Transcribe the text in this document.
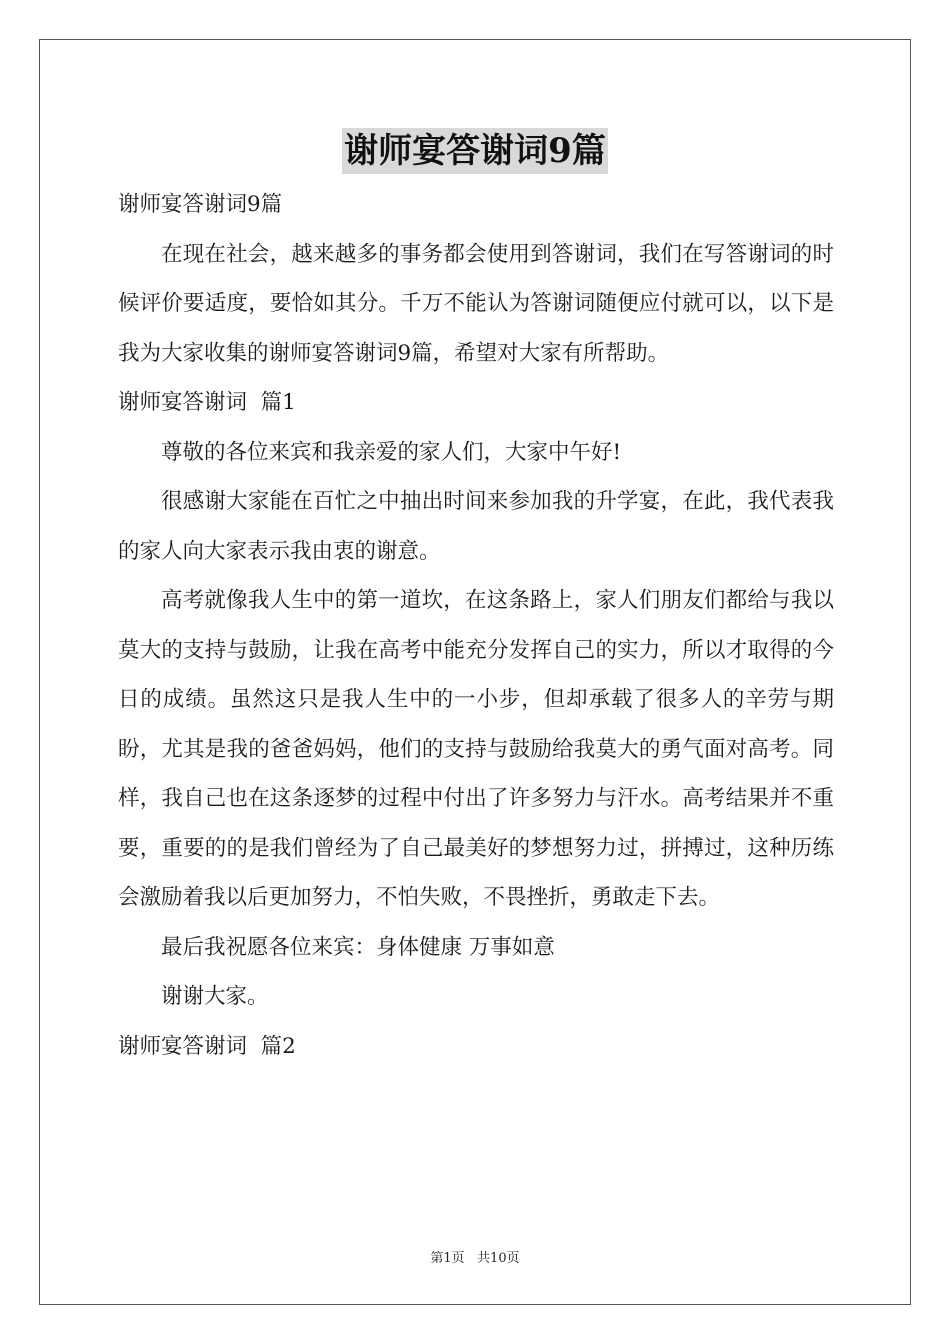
谢师宴答谢词9篇

谢师宴答谢词9篇

在现在社会，越来越多的事务都会使用到答谢词，我们在写答谢词的时候评价要适度，要恰如其分。千万不能认为答谢词随便应付就可以，以下是我为大家收集的谢师宴答谢词9篇，希望对大家有所帮助。

谢师宴答谢词  篇1

尊敬的各位来宾和我亲爱的家人们，大家中午好!

很感谢大家能在百忙之中抽出时间来参加我的升学宴，在此，我代表我的家人向大家表示我由衷的谢意。

高考就像我人生中的第一道坎，在这条路上，家人们朋友们都给与我以莫大的支持与鼓励，让我在高考中能充分发挥自己的实力，所以才取得的今日的成绩。虽然这只是我人生中的一小步，但却承载了很多人的辛劳与期盼，尤其是我的爸爸妈妈，他们的支持与鼓励给我莫大的勇气面对高考。同样，我自己也在这条逐梦的过程中付出了许多努力与汗水。高考结果并不重要，重要的的是我们曾经为了自己最美好的梦想努力过，拼搏过，这种历练会激励着我以后更加努力，不怕失败，不畏挫折，勇敢走下去。

最后我祝愿各位来宾：身体健康 万事如意

谢谢大家。

谢师宴答谢词  篇2

第1页   共10页
